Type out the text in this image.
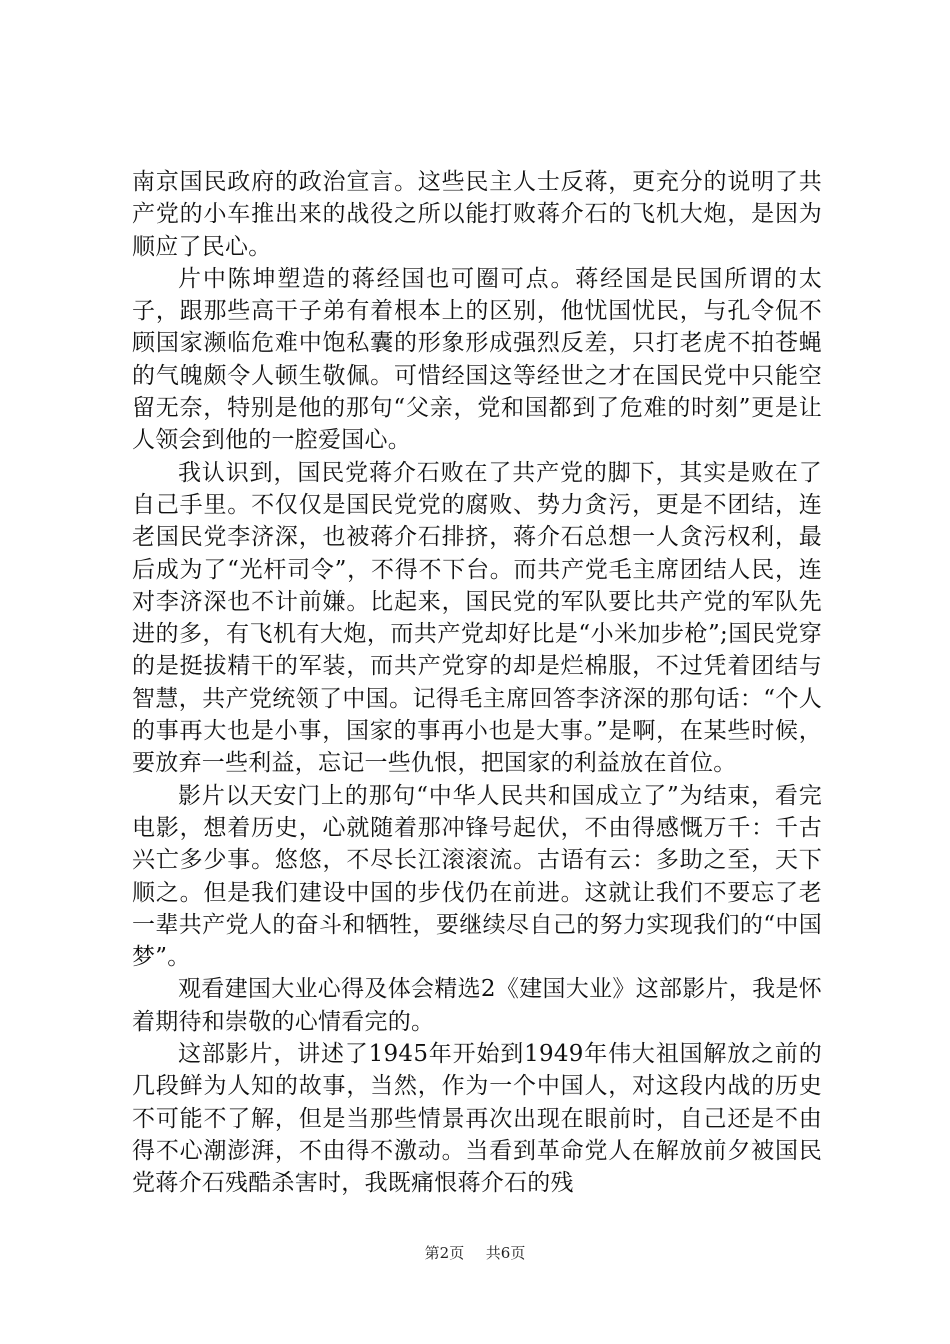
南京国民政府的政治宣言。这些民主人士反蒋，更充分的说明了共产党的小车推出来的战役之所以能打败蒋介石的飞机大炮，是因为顺应了民心。

片中陈坤塑造的蒋经国也可圈可点。蒋经国是民国所谓的太子，跟那些高干子弟有着根本上的区别，他忧国忧民，与孔令侃不顾国家濒临危难中饱私囊的形象形成强烈反差，只打老虎不拍苍蝇的气魄颇令人顿生敬佩。可惜经国这等经世之才在国民党中只能空留无奈，特别是他的那句“父亲，党和国都到了危难的时刻”更是让人领会到他的一腔爱国心。

我认识到，国民党蒋介石败在了共产党的脚下，其实是败在了自己手里。不仅仅是国民党党的腐败、势力贪污，更是不团结，连老国民党李济深，也被蒋介石排挤，蒋介石总想一人贪污权利，最后成为了“光杆司令”，不得不下台。而共产党毛主席团结人民，连对李济深也不计前嫌。比起来，国民党的军队要比共产党的军队先进的多，有飞机有大炮，而共产党却好比是“小米加步枪”;国民党穿的是挺拔精干的军装，而共产党穿的却是烂棉服，不过凭着团结与智慧，共产党统领了中国。记得毛主席回答李济深的那句话：“个人的事再大也是小事，国家的事再小也是大事。”是啊，在某些时候，要放弃一些利益，忘记一些仇恨，把国家的利益放在首位。

影片以天安门上的那句“中华人民共和国成立了”为结束，看完电影，想着历史，心就随着那冲锋号起伏，不由得感慨万千：千古兴亡多少事。悠悠，不尽长江滚滚流。古语有云：多助之至，天下顺之。但是我们建设中国的步伐仍在前进。这就让我们不要忘了老一辈共产党人的奋斗和牺牲，要继续尽自己的努力实现我们的“中国梦”。

观看建国大业心得及体会精选2《建国大业》这部影片，我是怀着期待和崇敬的心情看完的。

这部影片，讲述了1945年开始到1949年伟大祖国解放之前的几段鲜为人知的故事，当然，作为一个中国人，对这段内战的历史不可能不了解，但是当那些情景再次出现在眼前时，自己还是不由得不心潮澎湃，不由得不激动。当看到革命党人在解放前夕被国民党蒋介石残酷杀害时，我既痛恨蒋介石的残

第2页 共6页
